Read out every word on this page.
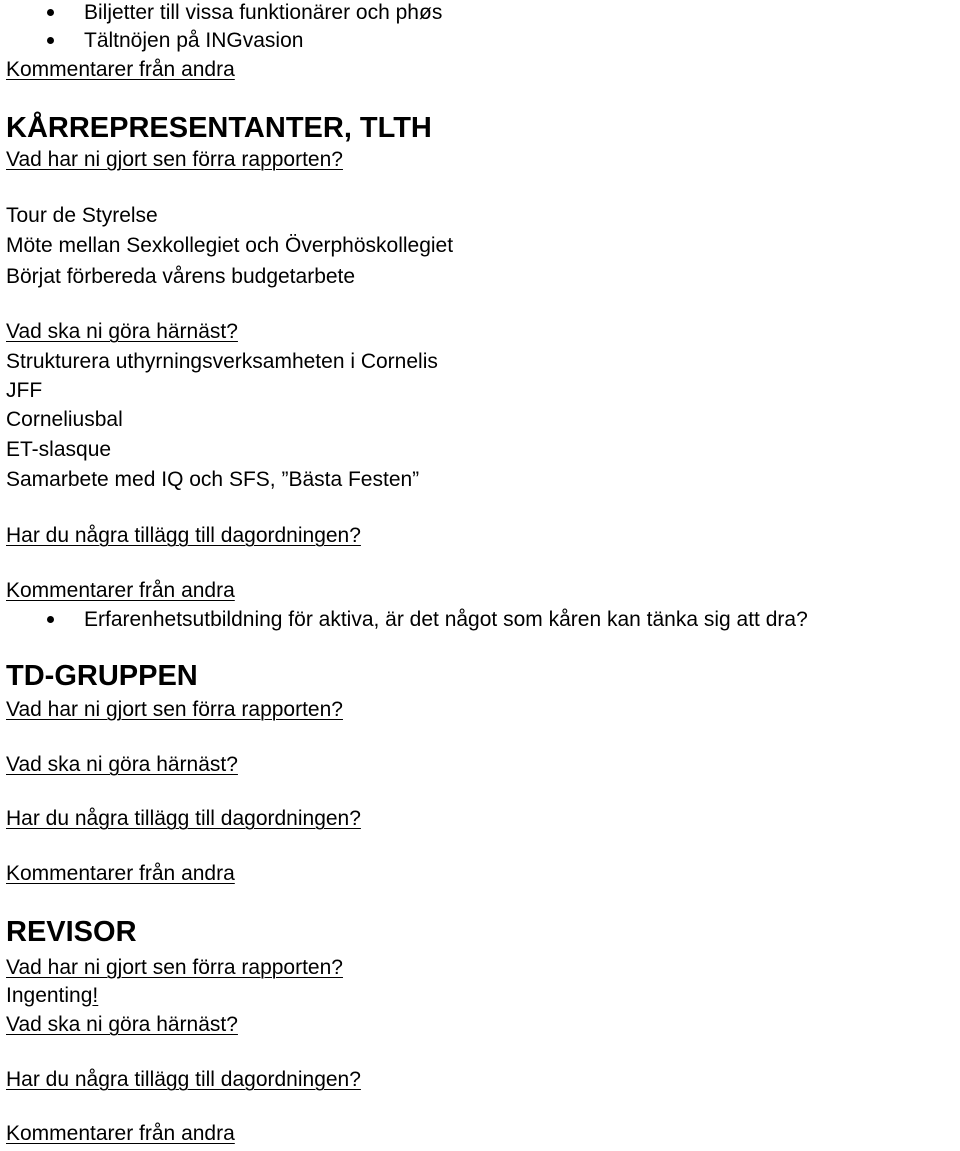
Biljetter till vissa funktionärer och phøs
Tältnöjen på INGvasion
Kommentarer från andra
KÅRREPRESENTANTER, TLTH
Vad har ni gjort sen förra rapporten?
Tour de Styrelse
Möte mellan Sexkollegiet och Överphöskollegiet
Börjat förbereda vårens budgetarbete
Vad ska ni göra härnäst?
Strukturera uthyrningsverksamheten i Cornelis
JFF
Corneliusbal
ET-slasque
Samarbete med IQ och SFS, ”Bästa Festen”
Har du några tillägg till dagordningen?
Kommentarer från andra
Erfarenhetsutbildning för aktiva, är det något som kåren kan tänka sig att dra?
TD-GRUPPEN
Vad har ni gjort sen förra rapporten?
Vad ska ni göra härnäst?
Har du några tillägg till dagordningen?
Kommentarer från andra
REVISOR
Vad har ni gjort sen förra rapporten?
Ingenting!
Vad ska ni göra härnäst?
Har du några tillägg till dagordningen?
Kommentarer från andra
